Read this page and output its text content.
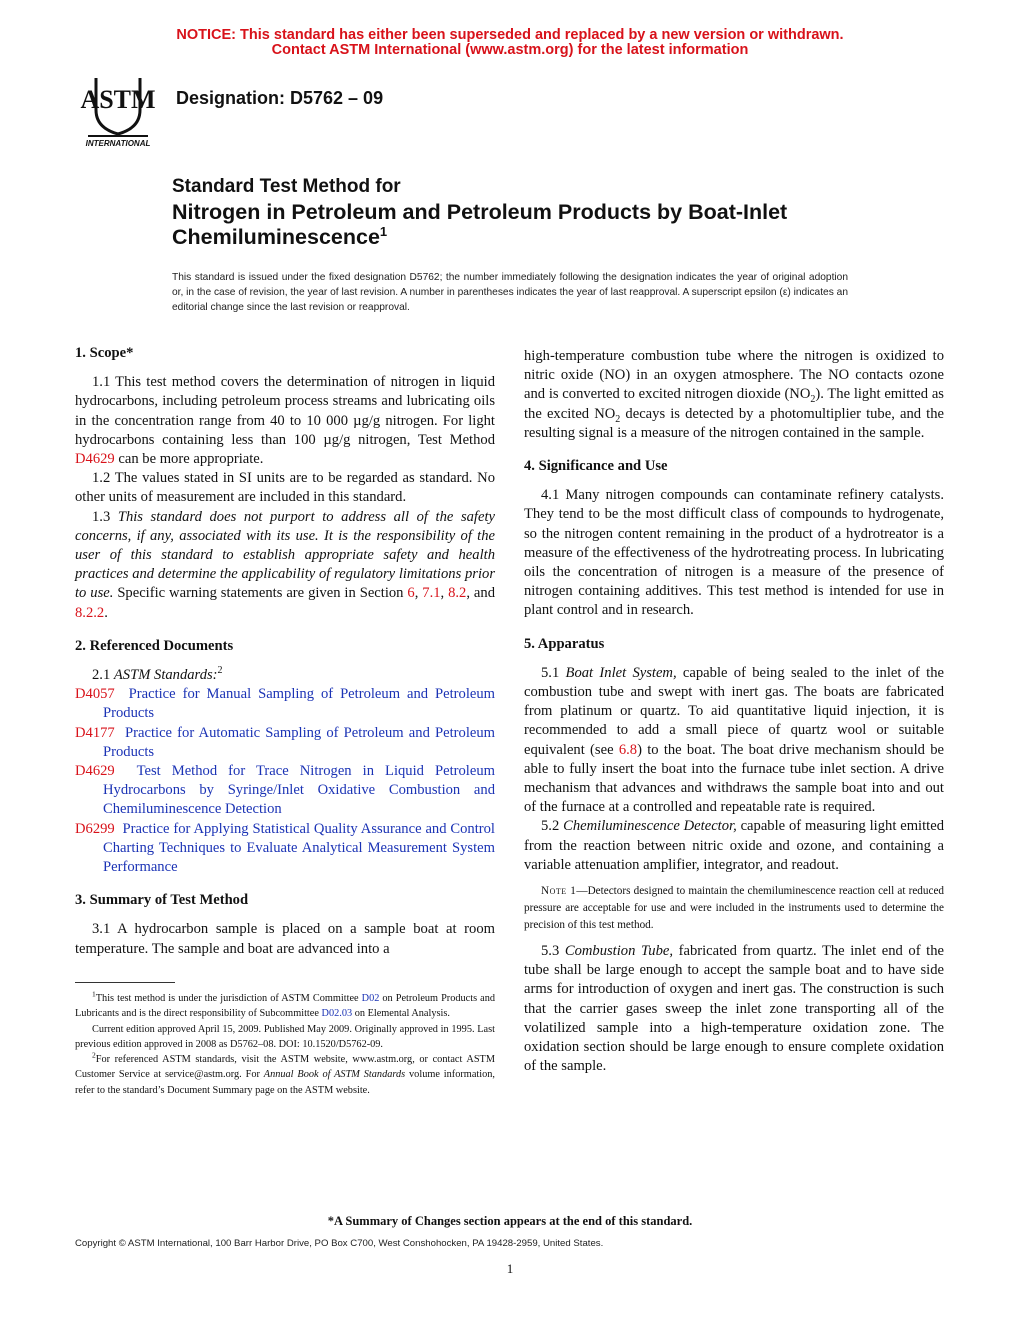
NOTICE: This standard has either been superseded and replaced by a new version or withdrawn.
Contact ASTM International (www.astm.org) for the latest information
ASTM
INTERNATIONAL
Designation: D5762 – 09
Standard Test Method for
Nitrogen in Petroleum and Petroleum Products by Boat-Inlet Chemiluminescence$^1$
This standard is issued under the fixed designation D5762; the number immediately following the designation indicates the year of original adoption or, in the case of revision, the year of last revision. A number in parentheses indicates the year of last reapproval. A superscript epsilon (ε) indicates an editorial change since the last revision or reapproval.

1. Scope*

1.1 This test method covers the determination of nitrogen in liquid hydrocarbons, including petroleum process streams and lubricating oils in the concentration range from 40 to 10 000 µg/g nitrogen. For light hydrocarbons containing less than 100 µg/g nitrogen, Test Method D4629 can be more appropriate.

1.2 The values stated in SI units are to be regarded as standard. No other units of measurement are included in this standard.

1.3 This standard does not purport to address all of the safety concerns, if any, associated with its use. It is the responsibility of the user of this standard to establish appropriate safety and health practices and determine the applicability of regulatory limitations prior to use. Specific warning statements are given in Section 6, 7.1, 8.2, and 8.2.2.

2. Referenced Documents

2.1 ASTM Standards:$^2$

D4057 Practice for Manual Sampling of Petroleum and Petroleum Products

D4177 Practice for Automatic Sampling of Petroleum and Petroleum Products

D4629 Test Method for Trace Nitrogen in Liquid Petroleum Hydrocarbons by Syringe/Inlet Oxidative Combustion and Chemiluminescence Detection

D6299 Practice for Applying Statistical Quality Assurance and Control Charting Techniques to Evaluate Analytical Measurement System Performance

3. Summary of Test Method

3.1 A hydrocarbon sample is placed on a sample boat at room temperature. The sample and boat are advanced into a

high-temperature combustion tube where the nitrogen is oxidized to nitric oxide (NO) in an oxygen atmosphere. The NO contacts ozone and is converted to excited nitrogen dioxide $(NO_2)$. The light emitted as the excited $NO_2$ decays is detected by a photomultiplier tube, and the resulting signal is a measure of the nitrogen contained in the sample.

4. Significance and Use

4.1 Many nitrogen compounds can contaminate refinery catalysts. They tend to be the most difficult class of compounds to hydrogenate, so the nitrogen content remaining in the product of a hydrotreator is a measure of the effectiveness of the hydrotreating process. In lubricating oils the concentration of nitrogen is a measure of the presence of nitrogen containing additives. This test method is intended for use in plant control and in research.

5. Apparatus

5.1 Boat Inlet System, capable of being sealed to the inlet of the combustion tube and swept with inert gas. The boats are fabricated from platinum or quartz. To aid quantitative liquid injection, it is recommended to add a small piece of quartz wool or suitable equivalent (see 6.8) to the boat. The boat drive mechanism should be able to fully insert the boat into the furnace tube inlet section. A drive mechanism that advances and withdraws the sample boat into and out of the furnace at a controlled and repeatable rate is required.

5.2 Chemiluminescence Detector, capable of measuring light emitted from the reaction between nitric oxide and ozone, and containing a variable attenuation amplifier, integrator, and readout.

Note 1—Detectors designed to maintain the chemiluminescence reaction cell at reduced pressure are acceptable for use and were included in the instruments used to determine the precision of this test method.

5.3 Combustion Tube, fabricated from quartz. The inlet end of the tube shall be large enough to accept the sample boat and to have side arms for introduction of oxygen and inert gas. The construction is such that the carrier gases sweep the inlet zone transporting all of the volatilized sample into a high-temperature oxidation zone. The oxidation section should be large enough to ensure complete oxidation of the sample.

$^1$This test method is under the jurisdiction of ASTM Committee D02 on Petroleum Products and Lubricants and is the direct responsibility of Subcommittee D02.03 on Elemental Analysis.

Current edition approved April 15, 2009. Published May 2009. Originally approved in 1995. Last previous edition approved in 2008 as D5762–08. DOI: 10.1520/D5762-09.

$^2$For referenced ASTM standards, visit the ASTM website, www.astm.org, or contact ASTM Customer Service at service@astm.org. For Annual Book of ASTM Standards volume information, refer to the standard’s Document Summary page on the ASTM website.

*A Summary of Changes section appears at the end of this standard.
Copyright © ASTM International, 100 Barr Harbor Drive, PO Box C700, West Conshohocken, PA 19428-2959, United States.
1
